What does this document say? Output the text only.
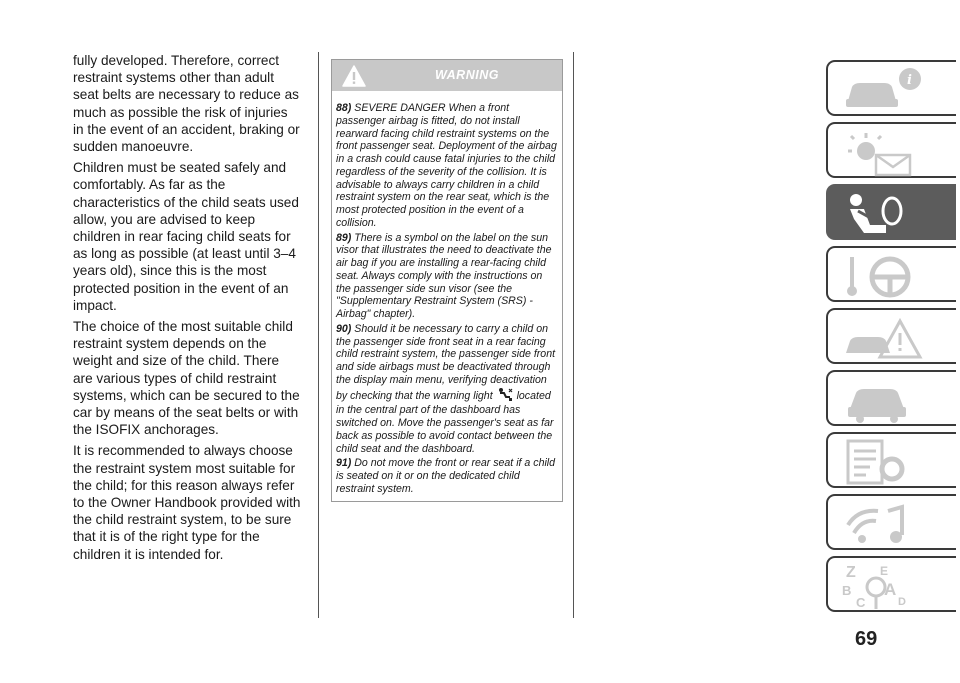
fully developed. Therefore, correct restraint systems other than adult seat belts are necessary to reduce as much as possible the risk of injuries in the event of an accident, braking or sudden manoeuvre.

Children must be seated safely and comfortably. As far as the characteristics of the child seats used allow, you are advised to keep children in rear facing child seats for as long as possible (at least until 3–4 years old), since this is the most protected position in the event of an impact.

The choice of the most suitable child restraint system depends on the weight and size of the child. There are various types of child restraint systems, which can be secured to the car by means of the seat belts or with the ISOFIX anchorages.

It is recommended to always choose the restraint system most suitable for the child; for this reason always refer to the Owner Handbook provided with the child restraint system, to be sure that it is of the right type for the children it is intended for.

WARNING
88) SEVERE DANGER When a front passenger airbag is fitted, do not install rearward facing child restraint systems on the front passenger seat. Deployment of the airbag in a crash could cause fatal injuries to the child regardless of the severity of the collision. It is advisable to always carry children in a child restraint system on the rear seat, which is the most protected position in the event of a collision.
89) There is a symbol on the label on the sun visor that illustrates the need to deactivate the air bag if you are installing a rear-facing child seat. Always comply with the instructions on the passenger side sun visor (see the "Supplementary Restraint System (SRS) - Airbag" chapter).
90) Should it be necessary to carry a child on the passenger side front seat in a rear facing child restraint system, the passenger side front and side airbags must be deactivated through the display main menu, verifying deactivation by checking that the warning light located in the central part of the dashboard has switched on. Move the passenger's seat as far back as possible to avoid contact between the child seat and the dashboard.
91) Do not move the front or rear seat if a child is seated on it or on the dedicated child restraint system.
i
Z E
B A
C	D
69
